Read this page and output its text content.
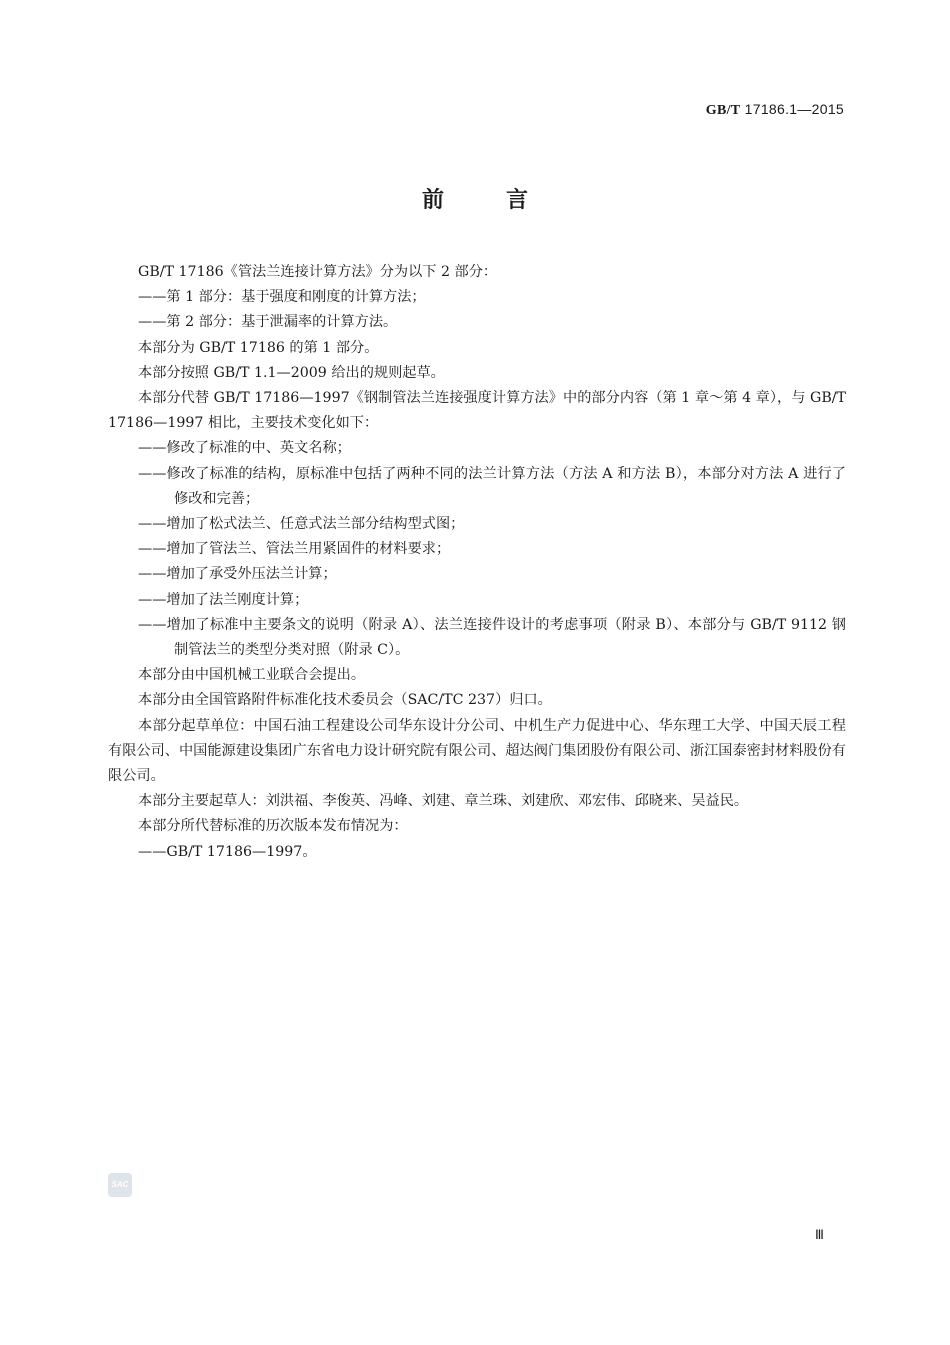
GB/T 17186.1—2015
前言

GB/T 17186《管法兰连接计算方法》分为以下 2 部分：

——第 1 部分：基于强度和刚度的计算方法；

——第 2 部分：基于泄漏率的计算方法。

本部分为 GB/T 17186 的第 1 部分。

本部分按照 GB/T 1.1—2009 给出的规则起草。

本部分代替 GB/T 17186—1997《钢制管法兰连接强度计算方法》中的部分内容（第 1 章～第 4 章），与 GB/T 17186—1997 相比，主要技术变化如下：

——修改了标准的中、英文名称；

——修改了标准的结构，原标准中包括了两种不同的法兰计算方法（方法 A 和方法 B），本部分对方法 A 进行了修改和完善；

——增加了松式法兰、任意式法兰部分结构型式图；

——增加了管法兰、管法兰用紧固件的材料要求；

——增加了承受外压法兰计算；

——增加了法兰刚度计算；

——增加了标准中主要条文的说明（附录 A）、法兰连接件设计的考虑事项（附录 B）、本部分与 GB/T 9112 钢制管法兰的类型分类对照（附录 C）。

本部分由中国机械工业联合会提出。

本部分由全国管路附件标准化技术委员会（SAC/TC 237）归口。

本部分起草单位：中国石油工程建设公司华东设计分公司、中机生产力促进中心、华东理工大学、中国天辰工程有限公司、中国能源建设集团广东省电力设计研究院有限公司、超达阀门集团股份有限公司、浙江国泰密封材料股份有限公司。

本部分主要起草人：刘洪福、李俊英、冯峰、刘建、章兰珠、刘建欣、邓宏伟、邱晓来、吴益民。

本部分所代替标准的历次版本发布情况为：

——GB/T 17186—1997。

SAC
Ⅲ
